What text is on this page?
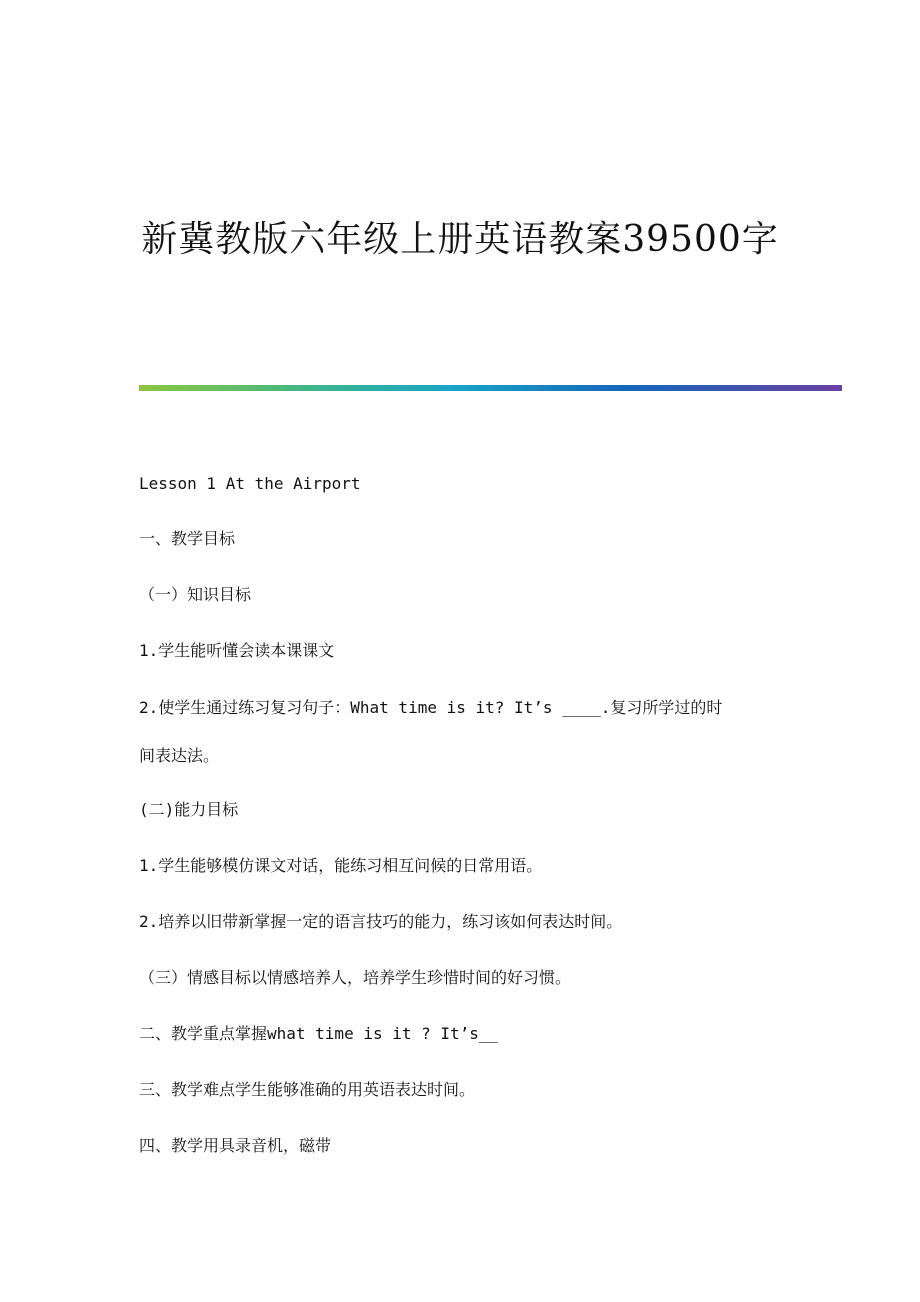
新冀教版六年级上册英语教案39500字
Lesson 1 At the Airport
一、教学目标
（一）知识目标
1.学生能听懂会读本课课文
2.使学生通过练习复习句子：What time is it? It’s ____.复习所学过的时
间表达法。
(二)能力目标
1.学生能够模仿课文对话，能练习相互问候的日常用语。
2.培养以旧带新掌握一定的语言技巧的能力，练习该如何表达时间。
（三）情感目标以情感培养人，培养学生珍惜时间的好习惯。
二、教学重点掌握what time is it ? It’s__
三、教学难点学生能够准确的用英语表达时间。
四、教学用具录音机，磁带
